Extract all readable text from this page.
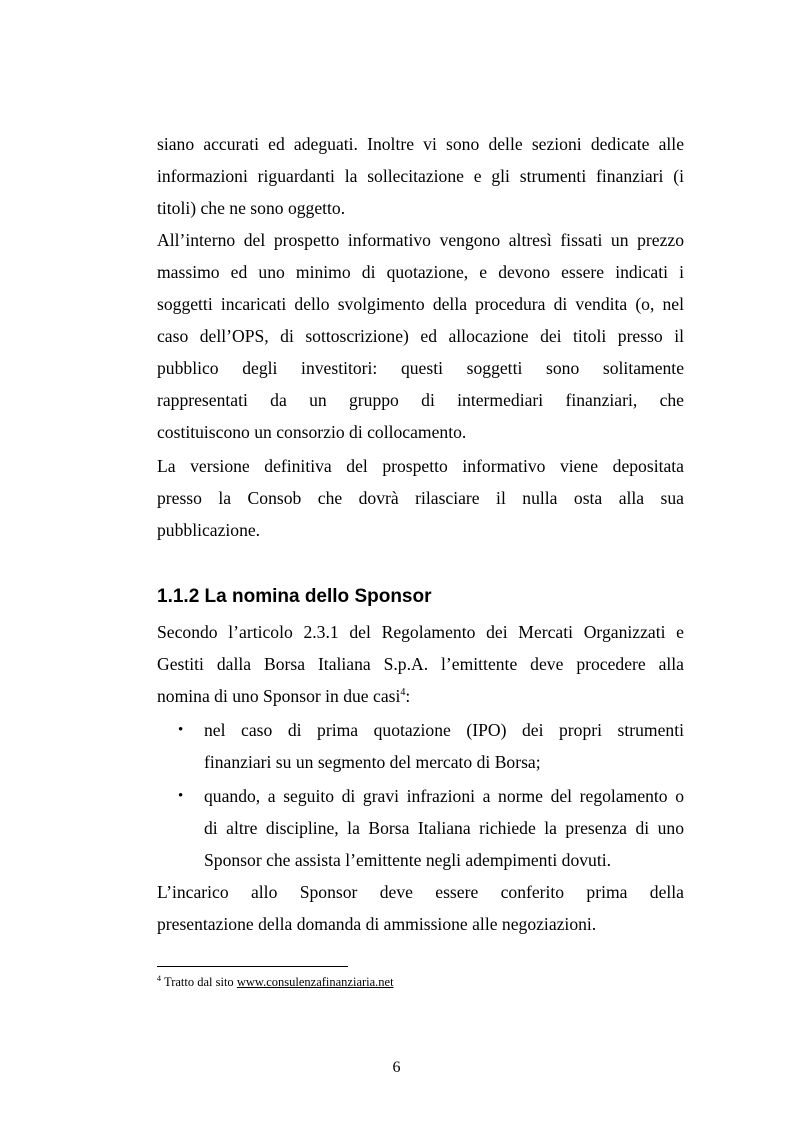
siano accurati ed adeguati. Inoltre vi sono delle sezioni dedicate alle
informazioni riguardanti la sollecitazione e gli strumenti finanziari (i
titoli) che ne sono oggetto.
All’interno del prospetto informativo vengono altresì fissati un prezzo
massimo ed uno minimo di quotazione, e devono essere indicati i
soggetti incaricati dello svolgimento della procedura di vendita (o, nel
caso dell’OPS, di sottoscrizione) ed allocazione dei titoli presso il
pubblico degli investitori: questi soggetti sono solitamente
rappresentati da un gruppo di intermediari finanziari, che
costituiscono un consorzio di collocamento.
La versione definitiva del prospetto informativo viene depositata
presso la Consob che dovrà rilasciare il nulla osta alla sua
pubblicazione.
1.1.2 La nomina dello Sponsor
Secondo l’articolo 2.3.1 del Regolamento dei Mercati Organizzati e
Gestiti dalla Borsa Italiana S.p.A. l’emittente deve procedere alla
nomina di uno Sponsor in due casi$^4$:
• nel caso di prima quotazione (IPO) dei propri strumenti
finanziari su un segmento del mercato di Borsa;
• quando, a seguito di gravi infrazioni a norme del regolamento o
di altre discipline, la Borsa Italiana richiede la presenza di uno
Sponsor che assista l’emittente negli adempimenti dovuti.
L’incarico allo Sponsor deve essere conferito prima della
presentazione della domanda di ammissione alle negoziazioni.
$^4$ Tratto dal sito www.consulenzafinanziaria.net
6
